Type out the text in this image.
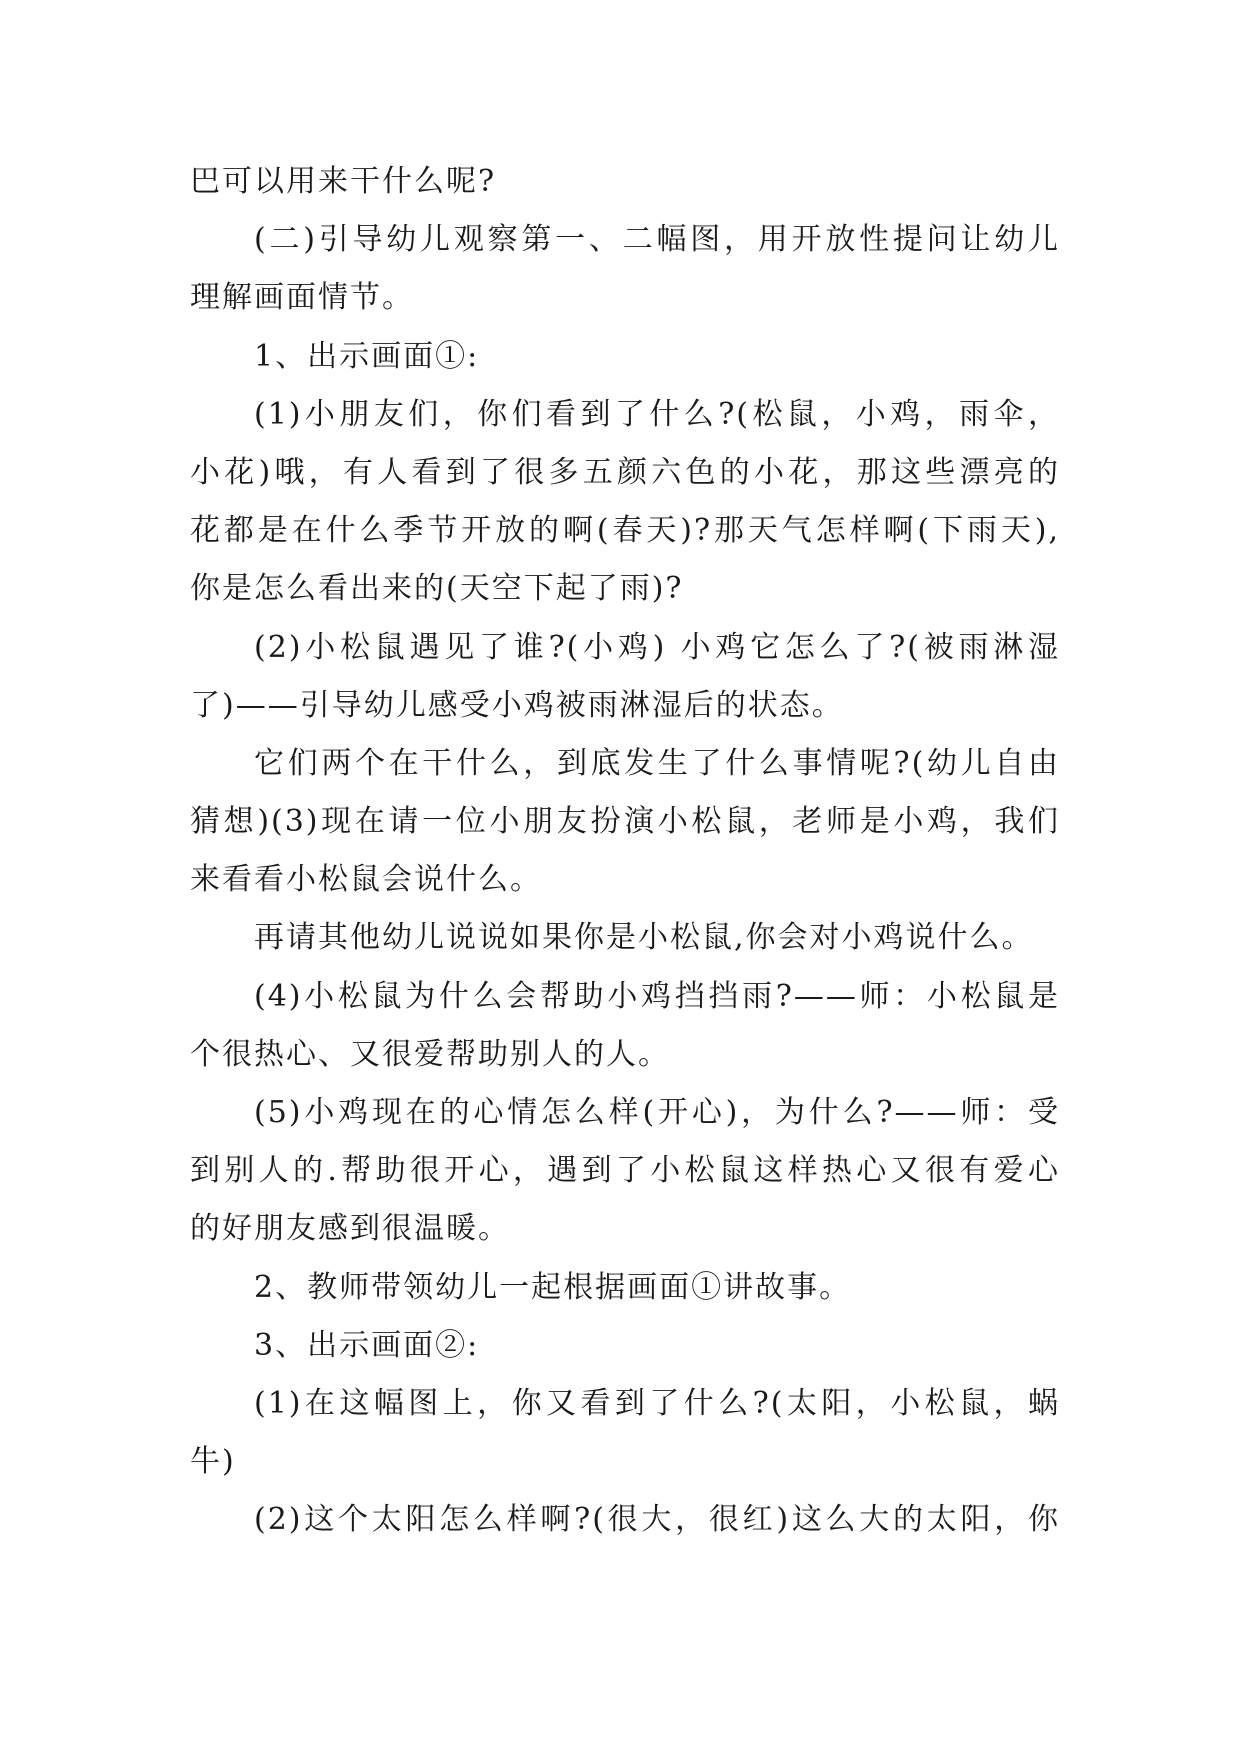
巴可以用来干什么呢?
(二)引导幼儿观察第一、二幅图，用开放性提问让幼儿
理解画面情节。
1、出示画面①:
(1)小朋友们，你们看到了什么?(松鼠，小鸡，雨伞，
小花)哦，有人看到了很多五颜六色的小花，那这些漂亮的
花都是在什么季节开放的啊(春天)?那天气怎样啊(下雨天),
你是怎么看出来的(天空下起了雨)?
(2)小松鼠遇见了谁?(小鸡) 小鸡它怎么了?(被雨淋湿
了)——引导幼儿感受小鸡被雨淋湿后的状态。
它们两个在干什么，到底发生了什么事情呢?(幼儿自由
猜想)(3)现在请一位小朋友扮演小松鼠，老师是小鸡，我们
来看看小松鼠会说什么。
再请其他幼儿说说如果你是小松鼠,你会对小鸡说什么。
(4)小松鼠为什么会帮助小鸡挡挡雨?——师：小松鼠是
个很热心、又很爱帮助别人的人。
(5)小鸡现在的心情怎么样(开心)，为什么?——师：受
到别人的.帮助很开心，遇到了小松鼠这样热心又很有爱心
的好朋友感到很温暖。
2、教师带领幼儿一起根据画面①讲故事。
3、出示画面②:
(1)在这幅图上，你又看到了什么?(太阳，小松鼠，蜗
牛)
(2)这个太阳怎么样啊?(很大，很红)这么大的太阳，你
